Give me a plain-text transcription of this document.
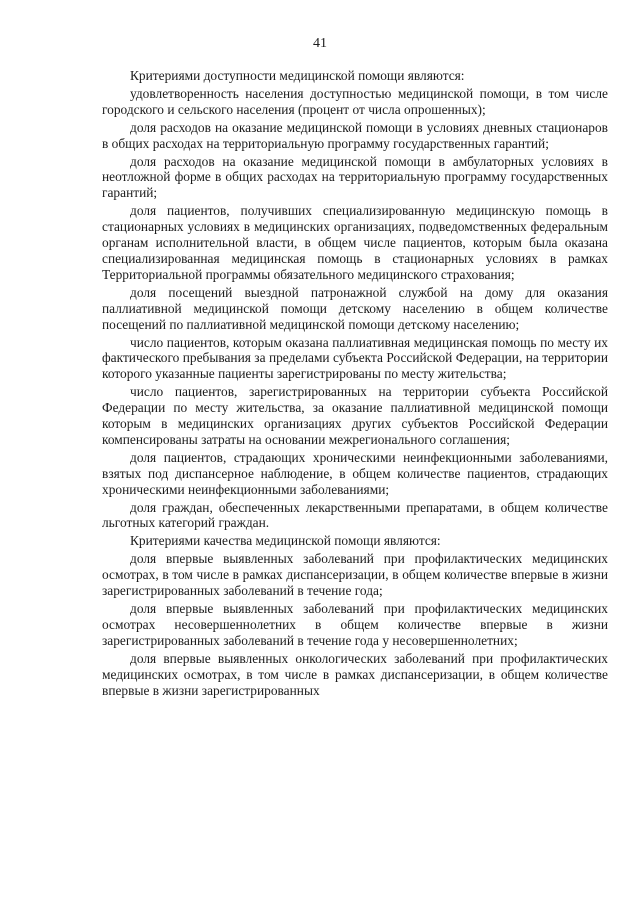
41

Критериями доступности медицинской помощи являются:

удовлетворенность населения доступностью медицинской помощи, в том числе городского и сельского населения (процент от числа опрошенных);

доля расходов на оказание медицинской помощи в условиях дневных стационаров в общих расходах на территориальную программу государственных гарантий;

доля расходов на оказание медицинской помощи в амбулаторных условиях в неотложной форме в общих расходах на территориальную программу государственных гарантий;

доля пациентов, получивших специализированную медицинскую помощь в стационарных условиях в медицинских организациях, подведомственных федеральным органам исполнительной власти, в общем числе пациентов, которым была оказана специализированная медицинская помощь в стационарных условиях в рамках Территориальной программы обязательного медицинского страхования;

доля посещений выездной патронажной службой на дому для оказания паллиативной медицинской помощи детскому населению в общем количестве посещений по паллиативной медицинской помощи детскому населению;

число пациентов, которым оказана паллиативная медицинская помощь по месту их фактического пребывания за пределами субъекта Российской Федерации, на территории которого указанные пациенты зарегистрированы по месту жительства;

число пациентов, зарегистрированных на территории субъекта Российской Федерации по месту жительства, за оказание паллиативной медицинской помощи которым в медицинских организациях других субъектов Российской Федерации компенсированы затраты на основании межрегионального соглашения;

доля пациентов, страдающих хроническими неинфекционными заболеваниями, взятых под диспансерное наблюдение, в общем количестве пациентов, страдающих хроническими неинфекционными заболеваниями;

доля граждан, обеспеченных лекарственными препаратами, в общем количестве льготных категорий граждан.

Критериями качества медицинской помощи являются:

доля впервые выявленных заболеваний при профилактических медицинских осмотрах, в том числе в рамках диспансеризации, в общем количестве впервые в жизни зарегистрированных заболеваний в течение года;

доля впервые выявленных заболеваний при профилактических медицинских осмотрах несовершеннолетних в общем количестве впервые в жизни зарегистрированных заболеваний в течение года у несовершеннолетних;

доля впервые выявленных онкологических заболеваний при профилактических медицинских осмотрах, в том числе в рамках диспансеризации, в общем количестве впервые в жизни зарегистрированных
